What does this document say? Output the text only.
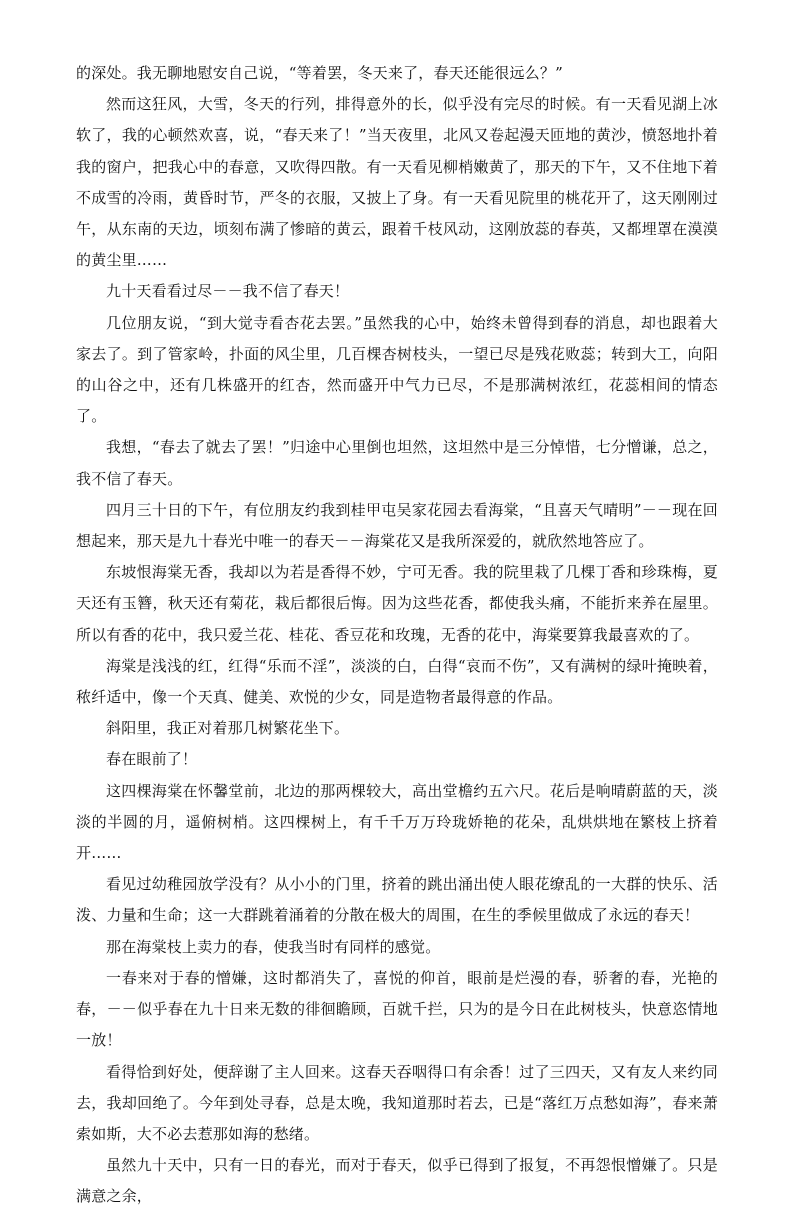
的深处。我无聊地慰安自己说，“等着罢，冬天来了，春天还能很远么？”

然而这狂风，大雪，冬天的行列，排得意外的长，似乎没有完尽的时候。有一天看见湖上冰软了，我的心顿然欢喜，说，“春天来了！”当天夜里，北风又卷起漫天匝地的黄沙，愤怒地扑着我的窗户，把我心中的春意，又吹得四散。有一天看见柳梢嫩黄了，那天的下午，又不住地下着不成雪的冷雨，黄昏时节，严冬的衣服，又披上了身。有一天看见院里的桃花开了，这天刚刚过午，从东南的天边，顷刻布满了惨暗的黄云，跟着千枝风动，这刚放蕊的春英，又都埋罩在漠漠的黄尘里……

九十天看看过尽－－我不信了春天！

几位朋友说，“到大觉寺看杏花去罢。”虽然我的心中，始终未曾得到春的消息，却也跟着大家去了。到了管家岭，扑面的风尘里，几百棵杏树枝头，一望已尽是残花败蕊；转到大工，向阳的山谷之中，还有几株盛开的红杏，然而盛开中气力已尽，不是那满树浓红，花蕊相间的情态了。

我想，“春去了就去了罢！”归途中心里倒也坦然，这坦然中是三分悼惜，七分憎谦，总之，我不信了春天。

四月三十日的下午，有位朋友约我到桂甲屯吴家花园去看海棠，“且喜天气晴明”－－现在回想起来，那天是九十春光中唯一的春天－－海棠花又是我所深爱的，就欣然地答应了。

东坡恨海棠无香，我却以为若是香得不妙，宁可无香。我的院里栽了几棵丁香和珍珠梅，夏天还有玉簪，秋天还有菊花，栽后都很后悔。因为这些花香，都使我头痛，不能折来养在屋里。所以有香的花中，我只爱兰花、桂花、香豆花和玫瑰，无香的花中，海棠要算我最喜欢的了。

海棠是浅浅的红，红得“乐而不淫”，淡淡的白，白得“哀而不伤”，又有满树的绿叶掩映着，秾纤适中，像一个天真、健美、欢悦的少女，同是造物者最得意的作品。

斜阳里，我正对着那几树繁花坐下。

春在眼前了！

这四棵海棠在怀馨堂前，北边的那两棵较大，高出堂檐约五六尺。花后是响晴蔚蓝的天，淡淡的半圆的月，遥俯树梢。这四棵树上，有千千万万玲珑娇艳的花朵，乱烘烘地在繁枝上挤着开……

看见过幼稚园放学没有？从小小的门里，挤着的跳出涌出使人眼花缭乱的一大群的快乐、活泼、力量和生命；这一大群跳着涌着的分散在极大的周围，在生的季候里做成了永远的春天！

那在海棠枝上卖力的春，使我当时有同样的感觉。

一春来对于春的憎嫌，这时都消失了，喜悦的仰首，眼前是烂漫的春，骄奢的春，光艳的春，－－似乎春在九十日来无数的徘徊瞻顾，百就千拦，只为的是今日在此树枝头，快意恣情地一放！

看得恰到好处，便辞谢了主人回来。这春天吞咽得口有余香！过了三四天，又有友人来约同去，我却回绝了。今年到处寻春，总是太晚，我知道那时若去，已是“落红万点愁如海”，春来萧索如斯，大不必去惹那如海的愁绪。

虽然九十天中，只有一日的春光，而对于春天，似乎已得到了报复，不再怨恨憎嫌了。只是满意之余，
